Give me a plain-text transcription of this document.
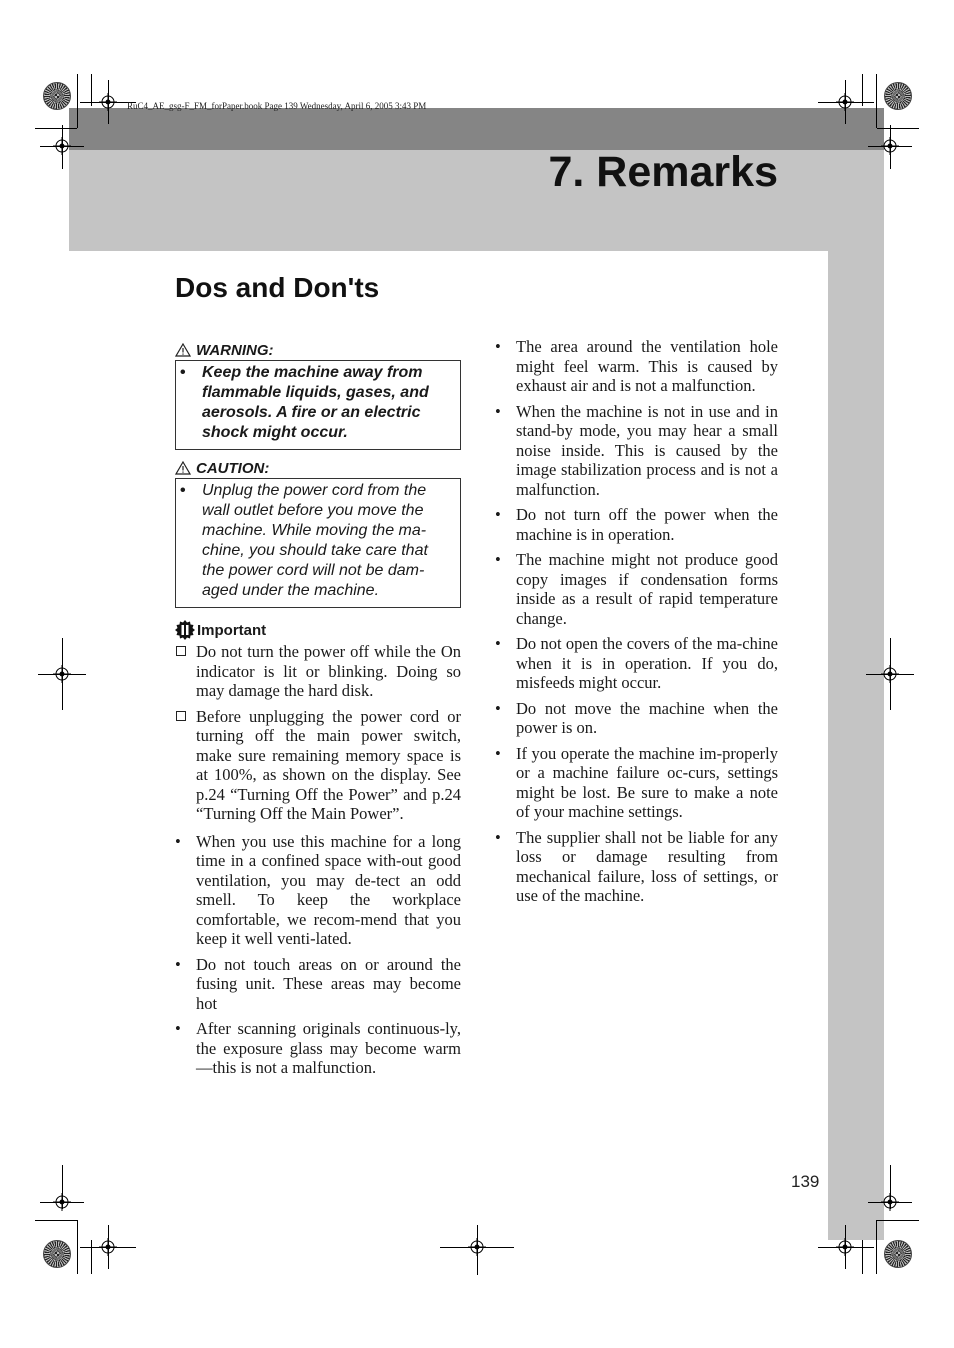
RuC4_AE_gsg-F_FM_forPaper.book Page 139 Wednesday, April 6, 2005 3:43 PM
7. Remarks
Dos and Don'ts
WARNING:
• Keep the machine away from flammable liquids, gases, and aerosols. A fire or an electric shock might occur.
CAUTION:
• Unplug the power cord from the wall outlet before you move the machine. While moving the ma-chine, you should take care that the power cord will not be dam-aged under the machine.
Important
Do not turn the power off while the On indicator is lit or blinking. Doing so may damage the hard disk.
Before unplugging the power cord or turning off the main power switch, make sure remaining memory space is at 100%, as shown on the display. See p.24 “Turning Off the Power” and p.24 “Turning Off the Main Power”.
• When you use this machine for a long time in a confined space with-out good ventilation, you may de-tect an odd smell. To keep the workplace comfortable, we recom-mend that you keep it well venti-lated.
• Do not touch areas on or around the fusing unit. These areas may become hot
• After scanning originals continuous-ly, the exposure glass may become warm—this is not a malfunction.
• The area around the ventilation hole might feel warm. This is caused by exhaust air and is not a malfunction.
• When the machine is not in use and in stand-by mode, you may hear a small noise inside. This is caused by the image stabilization process and is not a malfunction.
• Do not turn off the power when the machine is in operation.
• The machine might not produce good copy images if condensation forms inside as a result of rapid temperature change.
• Do not open the covers of the ma-chine when it is in operation. If you do, misfeeds might occur.
• Do not move the machine when the power is on.
• If you operate the machine im-properly or a machine failure oc-curs, settings might be lost. Be sure to make a note of your machine settings.
• The supplier shall not be liable for any loss or damage resulting from mechanical failure, loss of settings, or use of the machine.
139
